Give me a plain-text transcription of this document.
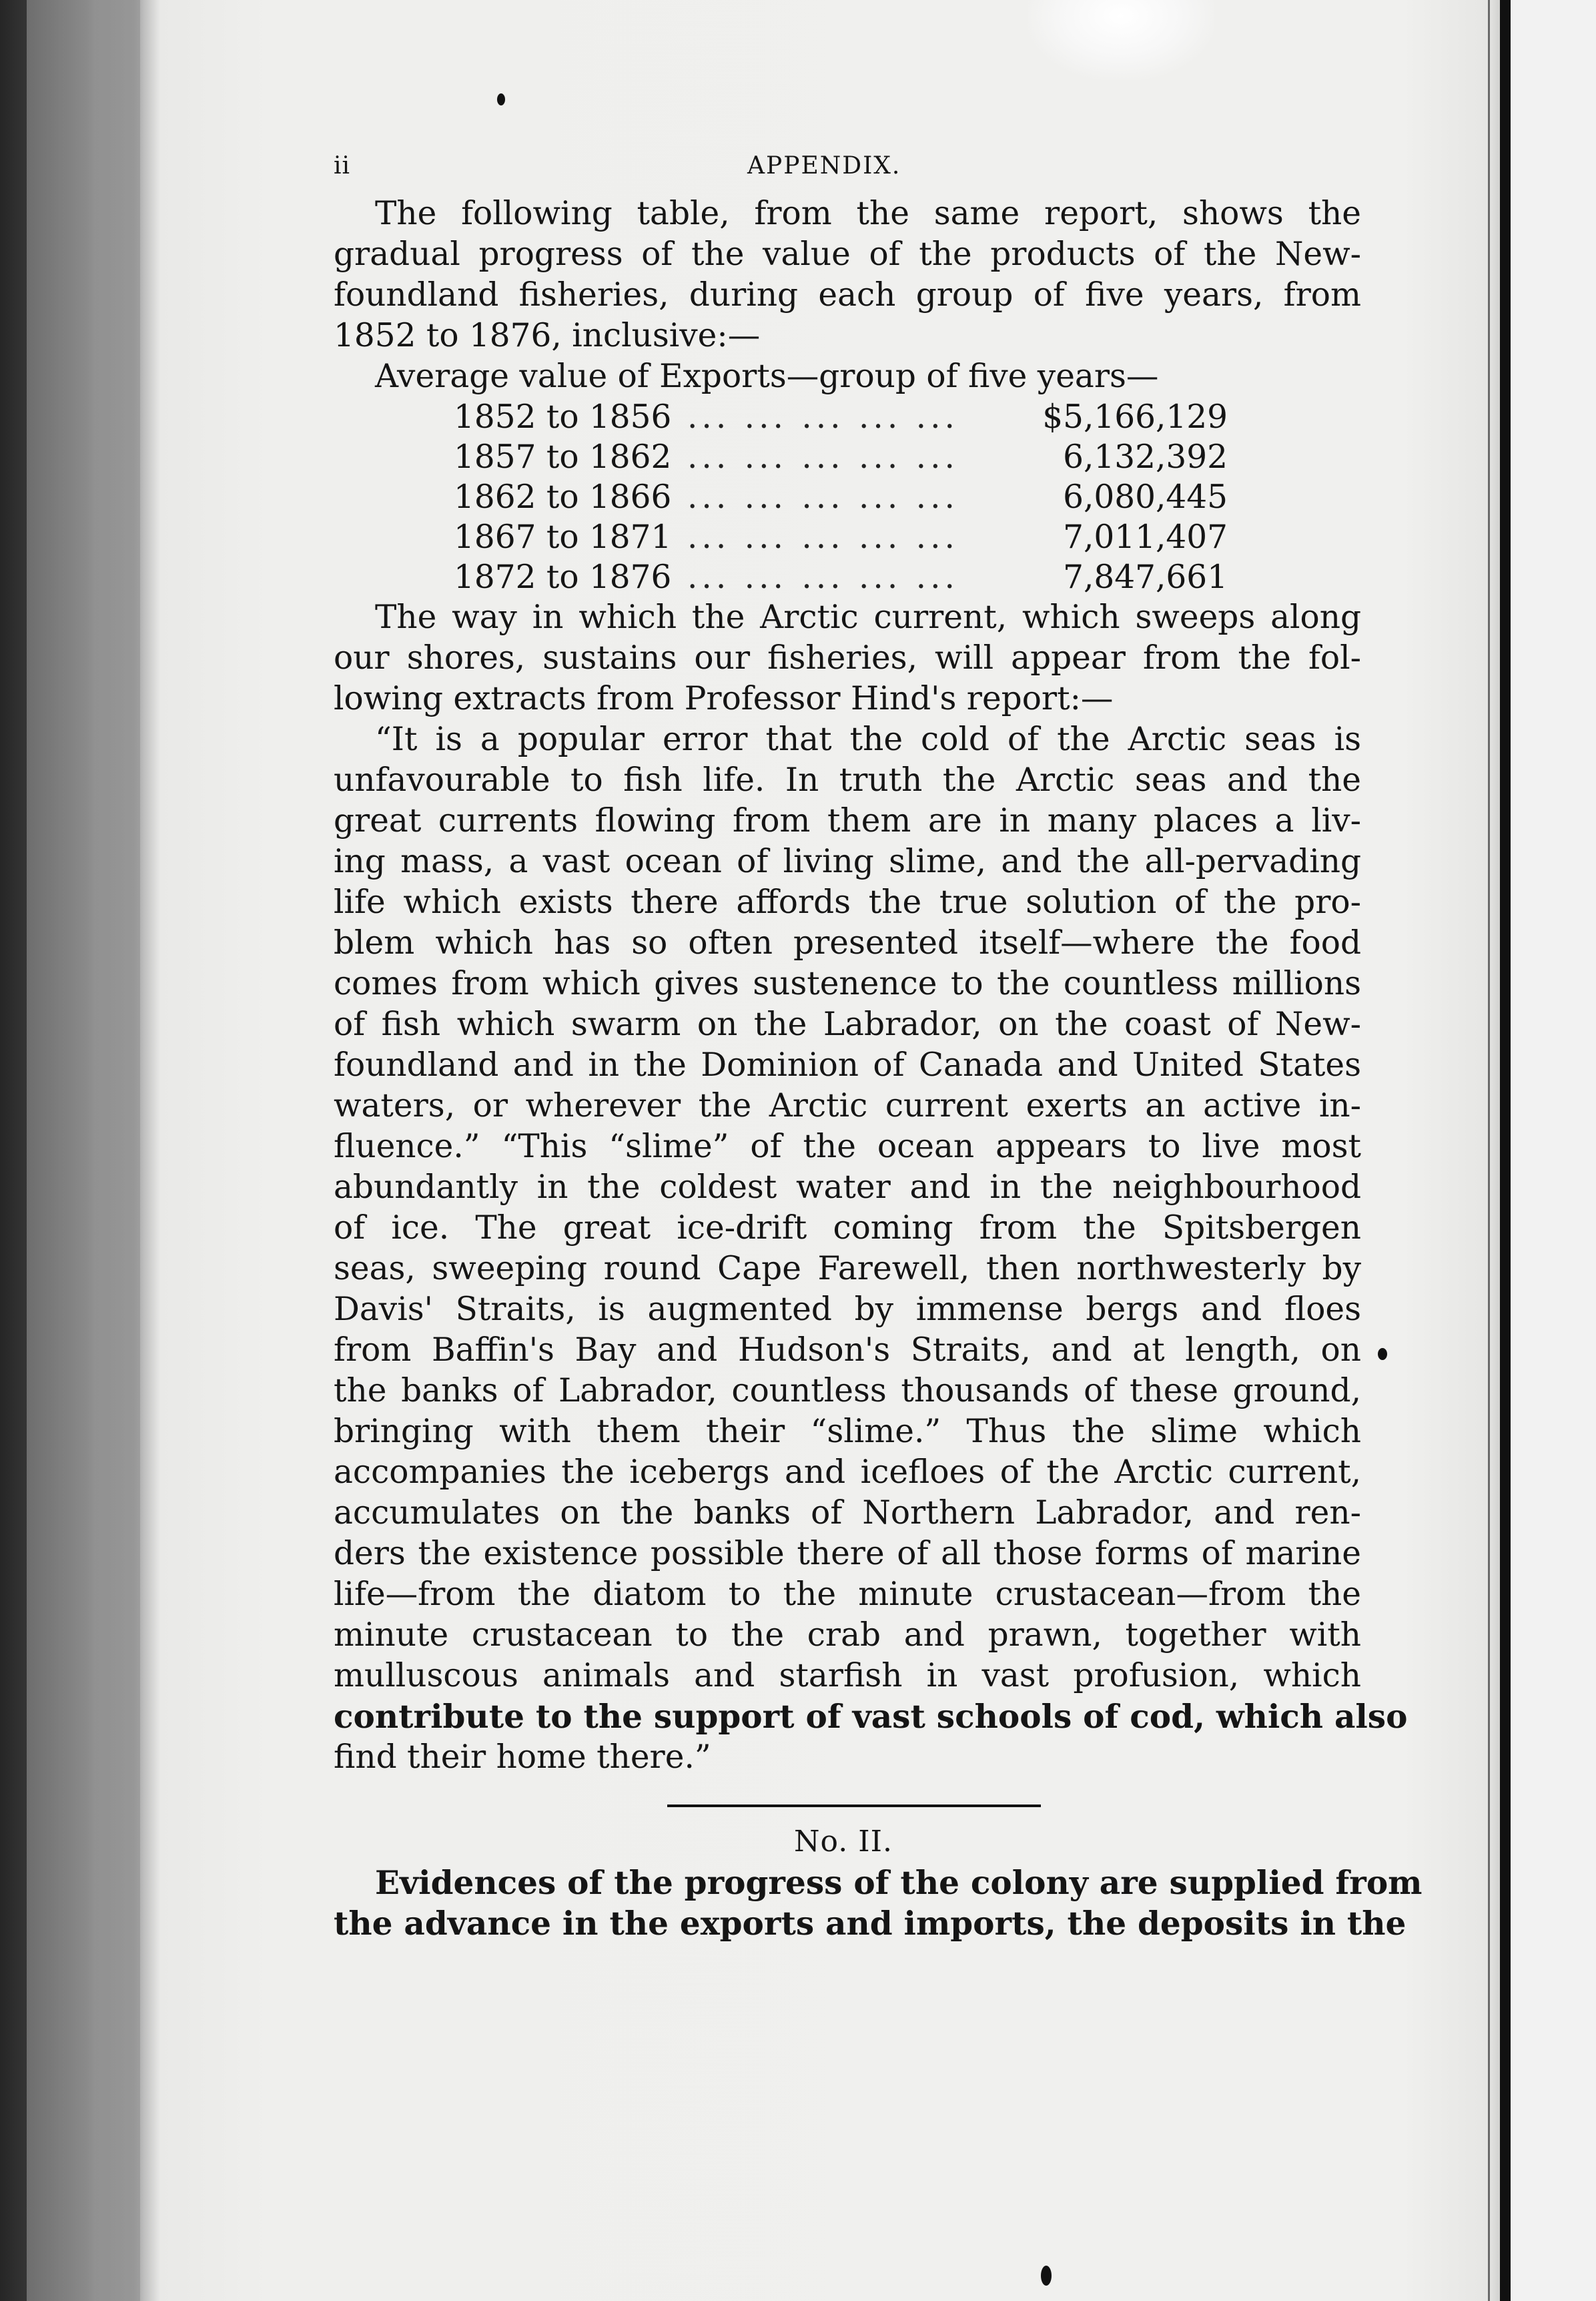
ii	APPENDIX.
The following table, from the same report, shows the
gradual progress of the value of the products of the New-
foundland fisheries, during each group of five years, from
1852 to 1876, inclusive:—
Average value of Exports—group of five years—
1852 to 1856	... ... ... ... ...	$5,166,129
1857 to 1862	... ... ... ... ...	6,132,392
1862 to 1866	... ... ... ... ...	6,080,445
1867 to 1871	... ... ... ... ...	7,011,407
1872 to 1876	... ... ... ... ...	7,847,661
The way in which the Arctic current, which sweeps along
our shores, sustains our fisheries, will appear from the fol-
lowing extracts from Professor Hind's report:—
“It is a popular error that the cold of the Arctic seas is
unfavourable to fish life. In truth the Arctic seas and the
great currents flowing from them are in many places a liv-
ing mass, a vast ocean of living slime, and the all-pervading
life which exists there affords the true solution of the pro-
blem which has so often presented itself—where the food
comes from which gives sustenence to the countless millions
of fish which swarm on the Labrador, on the coast of New-
foundland and in the Dominion of Canada and United States
waters, or wherever the Arctic current exerts an active in-
fluence.” “This “slime” of the ocean appears to live most
abundantly in the coldest water and in the neighbourhood
of ice. The great ice-drift coming from the Spitsbergen
seas, sweeping round Cape Farewell, then northwesterly by
Davis' Straits, is augmented by immense bergs and floes
from Baffin's Bay and Hudson's Straits, and at length, on
the banks of Labrador, countless thousands of these ground,
bringing with them their “slime.” Thus the slime which
accompanies the icebergs and icefloes of the Arctic current,
accumulates on the banks of Northern Labrador, and ren-
ders the existence possible there of all those forms of marine
life—from the diatom to the minute crustacean—from the
minute crustacean to the crab and prawn, together with
mulluscous animals and starfish in vast profusion, which
contribute to the support of vast schools of cod, which also
find their home there.”
No. II.
Evidences of the progress of the colony are supplied from
the advance in the exports and imports, the deposits in the
